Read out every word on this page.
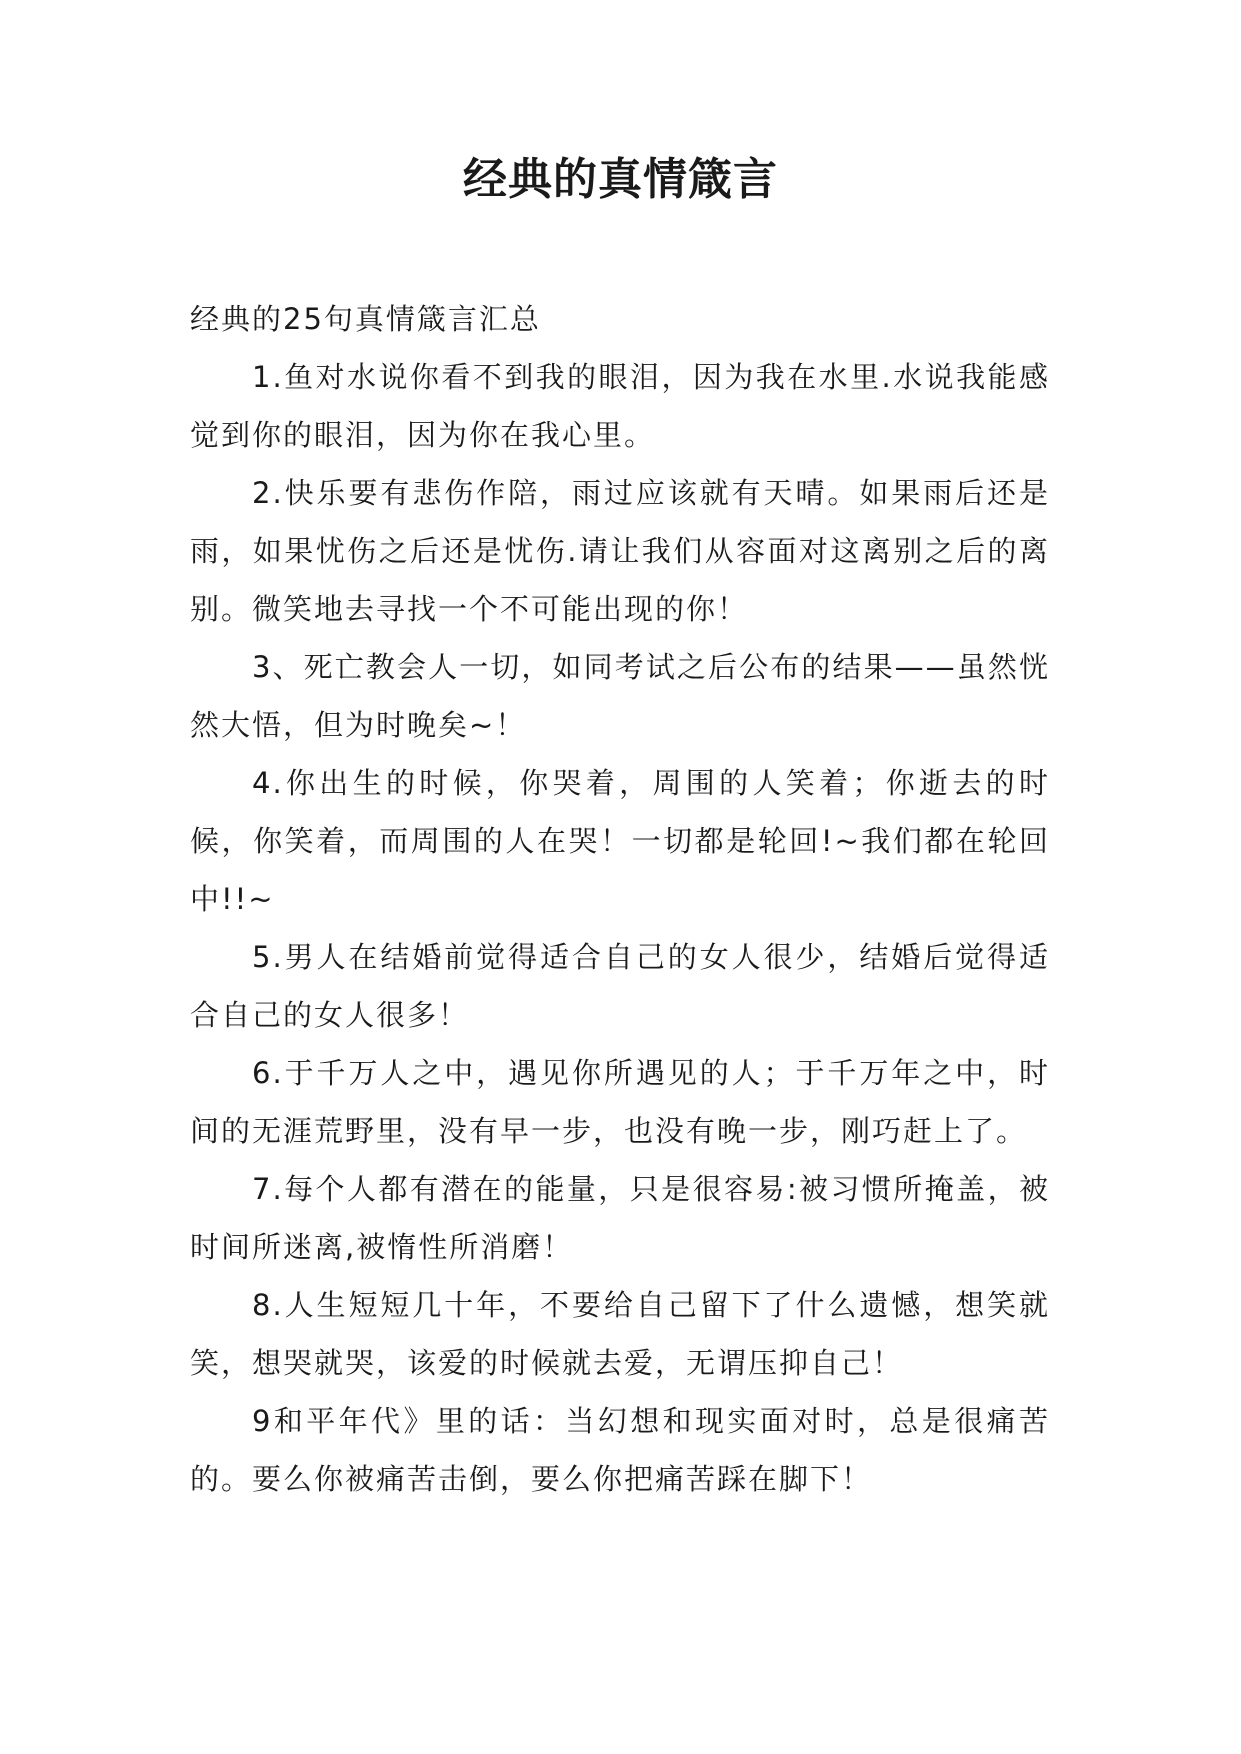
经典的真情箴言

经典的25句真情箴言汇总

1.鱼对水说你看不到我的眼泪，因为我在水里.水说我能感觉到你的眼泪，因为你在我心里。

2.快乐要有悲伤作陪，雨过应该就有天晴。如果雨后还是雨，如果忧伤之后还是忧伤.请让我们从容面对这离别之后的离别。微笑地去寻找一个不可能出现的你！

3、死亡教会人一切，如同考试之后公布的结果——虽然恍然大悟，但为时晚矣~！

4.你出生的时候，你哭着，周围的人笑着；你逝去的时候，你笑着，而周围的人在哭！一切都是轮回!~我们都在轮回中!!~

5.男人在结婚前觉得适合自己的女人很少，结婚后觉得适合自己的女人很多！

6.于千万人之中，遇见你所遇见的人；于千万年之中，时间的无涯荒野里，没有早一步，也没有晚一步，刚巧赶上了。

7.每个人都有潜在的能量，只是很容易:被习惯所掩盖，被时间所迷离,被惰性所消磨！

8.人生短短几十年，不要给自己留下了什么遗憾，想笑就笑，想哭就哭，该爱的时候就去爱，无谓压抑自己！

9和平年代》里的话：当幻想和现实面对时，总是很痛苦的。要么你被痛苦击倒，要么你把痛苦踩在脚下！
